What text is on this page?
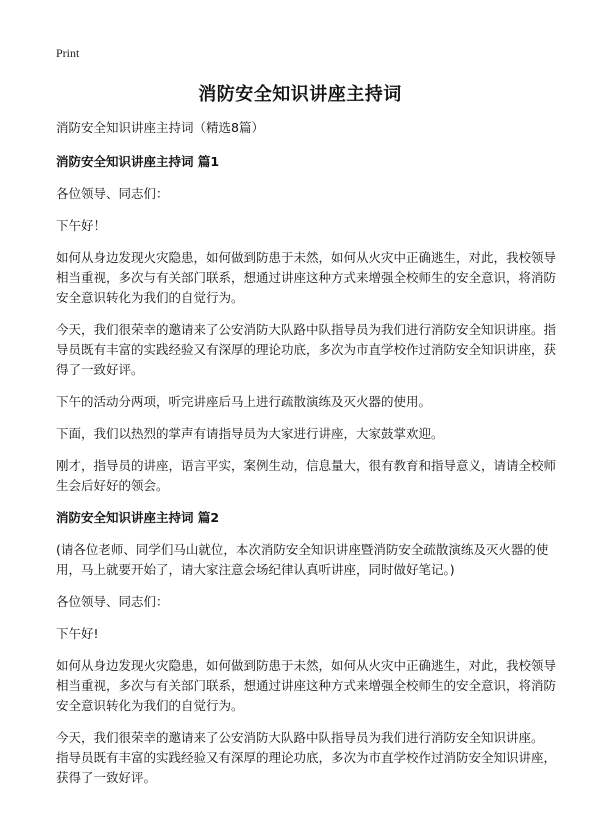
Print
消防安全知识讲座主持词

消防安全知识讲座主持词（精选8篇）

消防安全知识讲座主持词 篇1

各位领导、同志们：

下午好！

如何从身边发现火灾隐患，如何做到防患于未然，如何从火灾中正确逃生，对此，我校领导相当重视，多次与有关部门联系，想通过讲座这种方式来增强全校师生的安全意识，将消防安全意识转化为我们的自觉行为。

今天，我们很荣幸的邀请来了公安消防大队路中队指导员为我们进行消防安全知识讲座。指导员既有丰富的实践经验又有深厚的理论功底，多次为市直学校作过消防安全知识讲座，获得了一致好评。

下午的活动分两项，听完讲座后马上进行疏散演练及灭火器的使用。

下面，我们以热烈的掌声有请指导员为大家进行讲座，大家鼓掌欢迎。

刚才，指导员的讲座，语言平实，案例生动，信息量大，很有教育和指导意义，请请全校师生会后好好的领会。

消防安全知识讲座主持词 篇2

(请各位老师、同学们马山就位，本次消防安全知识讲座暨消防安全疏散演练及灭火器的使用，马上就要开始了，请大家注意会场纪律认真听讲座，同时做好笔记。)

各位领导、同志们：

下午好!

如何从身边发现火灾隐患，如何做到防患于未然，如何从火灾中正确逃生，对此，我校领导相当重视，多次与有关部门联系，想通过讲座这种方式来增强全校师生的安全意识，将消防安全意识转化为我们的自觉行为。

今天，我们很荣幸的邀请来了公安消防大队路中队指导员为我们进行消防安全知识讲座。 指导员既有丰富的实践经验又有深厚的理论功底，多次为市直学校作过消防安全知识讲座，获得了一致好评。
